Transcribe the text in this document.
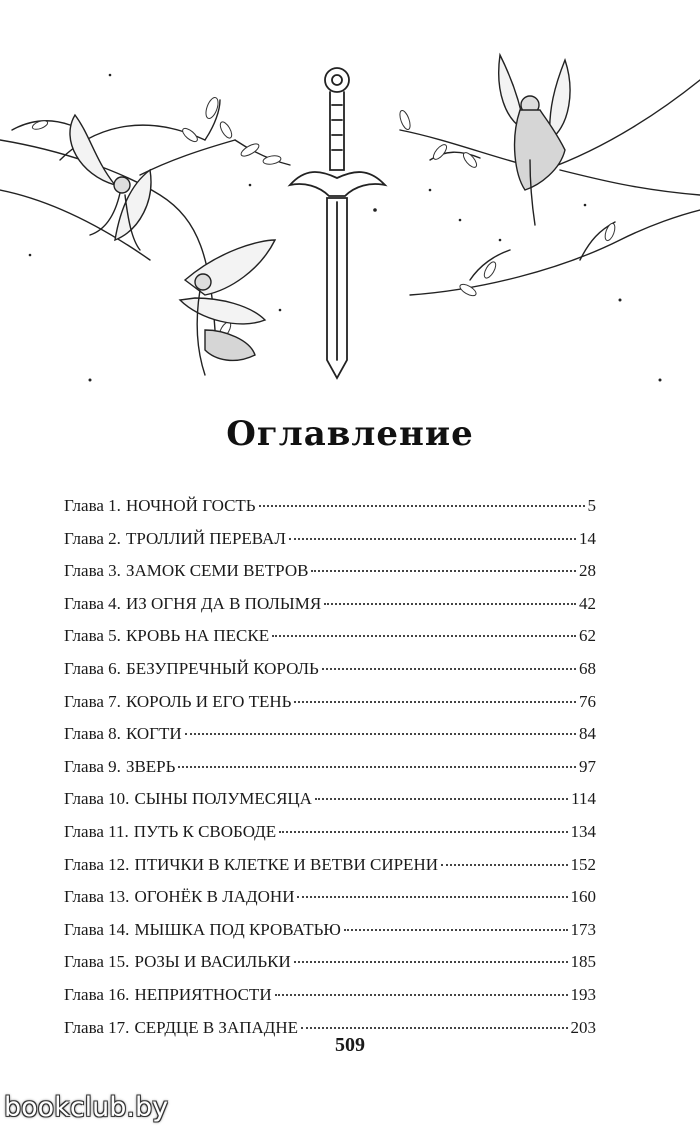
Оглавление
Глава 1. НОЧНОЙ ГОСТЬ	5
Глава 2. ТРОЛЛИЙ ПЕРЕВАЛ	14
Глава 3. ЗАМОК СЕМИ ВЕТРОВ	28
Глава 4. ИЗ ОГНЯ ДА В ПОЛЫМЯ	42
Глава 5. КРОВЬ НА ПЕСКЕ	62
Глава 6. БЕЗУПРЕЧНЫЙ КОРОЛЬ	68
Глава 7. КОРОЛЬ И ЕГО ТЕНЬ	76
Глава 8. КОГТИ	84
Глава 9. ЗВЕРЬ	97
Глава 10. СЫНЫ ПОЛУМЕСЯЦА	114
Глава 11. ПУТЬ К СВОБОДЕ	134
Глава 12. ПТИЧКИ В КЛЕТКЕ И ВЕТВИ СИРЕНИ	152
Глава 13. ОГОНЁК В ЛАДОНИ	160
Глава 14. МЫШКА ПОД КРОВАТЬЮ	173
Глава 15. РОЗЫ И ВАСИЛЬКИ	185
Глава 16. НЕПРИЯТНОСТИ	193
Глава 17. СЕРДЦЕ В ЗАПАДНЕ	203
509
bookclub.by
